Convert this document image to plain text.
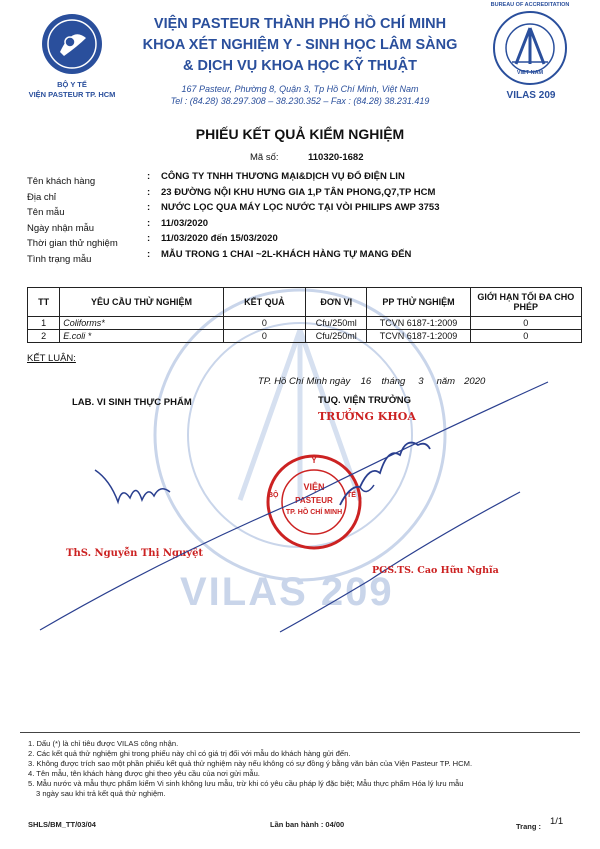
VILAS 209
BỘ Y TẾ
VIỆN PASTEUR TP. HCM
VIỆN PASTEUR THÀNH PHỐ HỒ CHÍ MINH
KHOA XÉT NGHIỆM Y - SINH HỌC LÂM SÀNG
& DỊCH VỤ KHOA HỌC KỸ THUẬT
167 Pasteur, Phường 8, Quận 3, Tp Hồ Chí Minh, Việt Nam
Tel : (84.28) 38.297.308 – 38.230.352 – Fax : (84.28) 38.231.419
BUREAU OF ACCREDITATION
VIET NAM
VILAS 209
PHIẾU KẾT QUẢ KIỂM NGHIỆM
Mã số:	110320-1682
Tên khách hàng	: CÔNG TY TNHH THƯƠNG MẠI&DỊCH VỤ ĐỔ ĐIỆN LIN
Địa chỉ	: 23 ĐƯỜNG NỘI KHU HƯNG GIA 1,P TÂN PHONG,Q7,TP HCM
Tên mẫu	: NƯỚC LỌC QUA MÁY LỌC NƯỚC TẠI VÒI PHILIPS AWP 3753
Ngày nhận mẫu	: 11/03/2020
Thời gian thử nghiệm	: 11/03/2020 đến 15/03/2020
Tình trạng mẫu	: MẪU TRONG 1 CHAI ~2L-KHÁCH HÀNG TỰ MANG ĐẾN
TT	YÊU CẦU THỬ NGHIỆM	KẾT QUẢ	ĐƠN VỊ	PP THỬ NGHIỆM	GIỚI HẠN TỐI ĐA CHO PHÉP
1	Coliforms*	0	Cfu/250ml	TCVN 6187-1:2009	0
2	E.coli *	0	Cfu/250ml	TCVN 6187-1:2009	0
KẾT LUẬN:
TP. Hồ Chí Minh ngày 16 tháng 3 năm 2020
LAB. VI SINH THỰC PHẨM	TUQ. VIỆN TRƯỞNG
TRƯỞNG KHOA
ThS. Nguyễn Thị Nguyệt
Y
BỘ	TẾ
VIỆN
PASTEUR
TP. HỒ CHÍ MINH
PGS.TS. Cao Hữu Nghĩa
1. Dấu (*) là chỉ tiêu được VILAS công nhận.
2. Các kết quả thử nghiệm ghi trong phiếu này chỉ có giá trị đối với mẫu do khách hàng gửi đến.
3. Không được trích sao một phần phiếu kết quả thử nghiệm này nếu không có sự đồng ý bằng văn bản của Viện Pasteur TP. HCM.
4. Tên mẫu, tên khách hàng được ghi theo yêu cầu của nơi gửi mẫu.
5. Mẫu nước và mẫu thực phẩm kiểm Vi sinh không lưu mẫu, trừ khi có yêu cầu pháp lý đặc biệt; Mẫu thực phẩm Hóa lý lưu mẫu
3 ngày sau khi trả kết quả thử nghiệm.
SHLS/BM_TT/03/04	Lần ban hành : 04/00	Trang : 1/1
